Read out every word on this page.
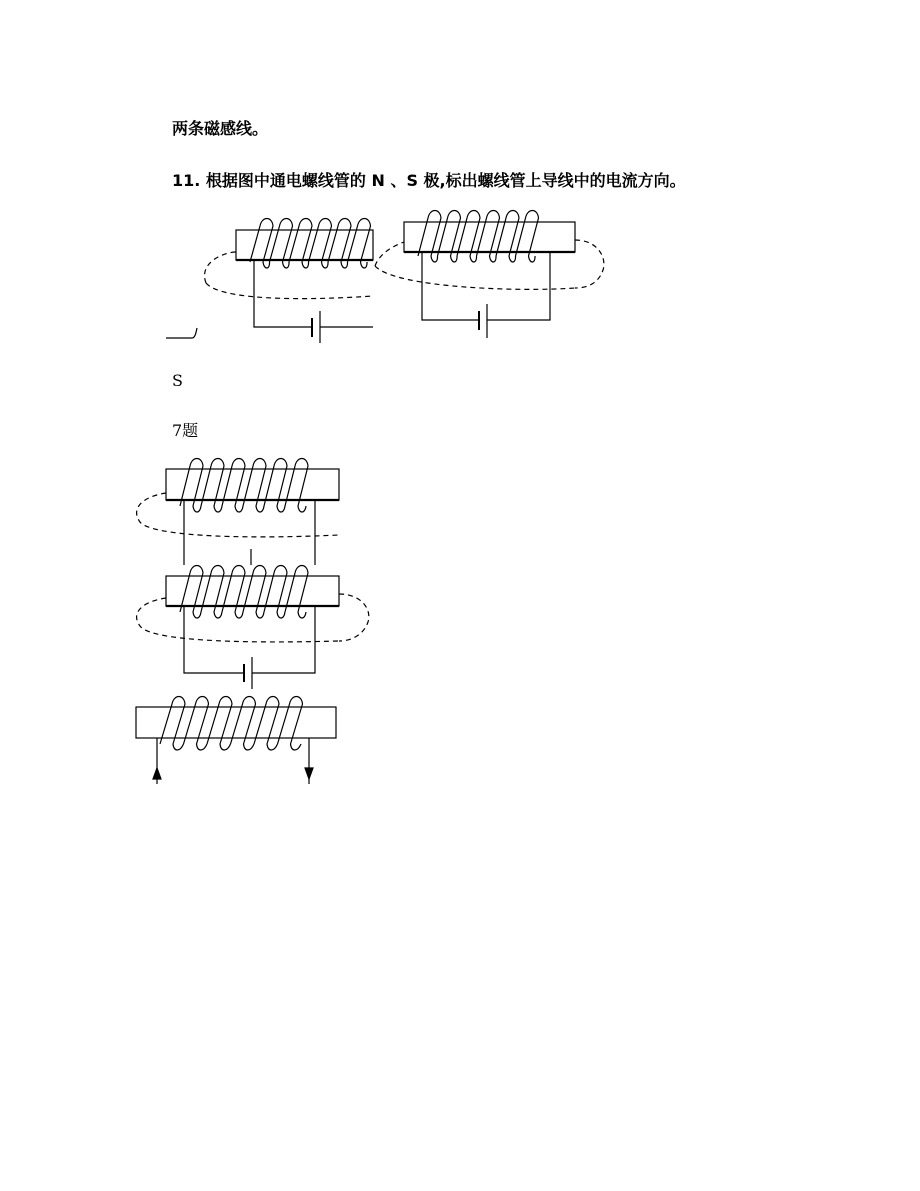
两条磁感线。
11. 根据图中通电螺线管的 N 、S 极,标出螺线管上导线中的电流方向。
S
7题
